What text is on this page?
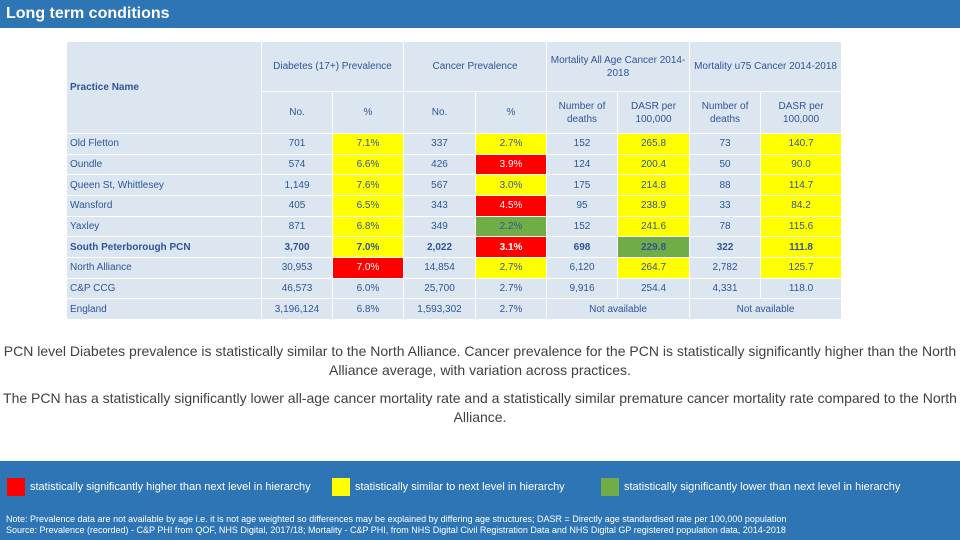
Long term conditions
Practice Name	Diabetes (17+) Prevalence		Cancer Prevalence		Mortality All Age Cancer 2014-2018		Mortality u75 Cancer 2014-2018	
	No.	%	No.	%	Number of deaths	DASR per 100,000	Number of deaths	DASR per 100,000
Old Fletton	701	7.1%	337	2.7%	152	265.8	73	140.7
Oundle	574	6.6%	426	3.9%	124	200.4	50	90.0
Queen St, Whittlesey	1,149	7.6%	567	3.0%	175	214.8	88	114.7
Wansford	405	6.5%	343	4.5%	95	238.9	33	84.2
Yaxley	871	6.8%	349	2.2%	152	241.6	78	115.6
South Peterborough PCN	3,700	7.0%	2,022	3.1%	698	229.8	322	111.8
North Alliance	30,953	7.0%	14,854	2.7%	6,120	264.7	2,782	125.7
C&P CCG	46,573	6.0%	25,700	2.7%	9,916	254.4	4,331	118.0
England	3,196,124	6.8%	1,593,302	2.7%	Not available		Not available	
PCN level Diabetes prevalence is statistically similar to the North Alliance. Cancer prevalence for the PCN is statistically significantly higher than the North Alliance average, with variation across practices.
The PCN has a statistically significantly lower all-age cancer mortality rate and a statistically similar premature cancer mortality rate compared to the North Alliance.
statistically significantly higher than next level in hierarchy	statistically similar to next level in hierarchy	statistically significantly lower than next level in hierarchy
Note: Prevalence data are not available by age i.e. it is not age weighted so differences may be explained by differing age structures; DASR = Directly age standardised rate per 100,000 population
Source: Prevalence (recorded) - C&P PHI from QOF, NHS Digital, 2017/18; Mortality - C&P PHI, from NHS Digital Civil Registration Data and NHS Digital GP registered population data, 2014-2018
